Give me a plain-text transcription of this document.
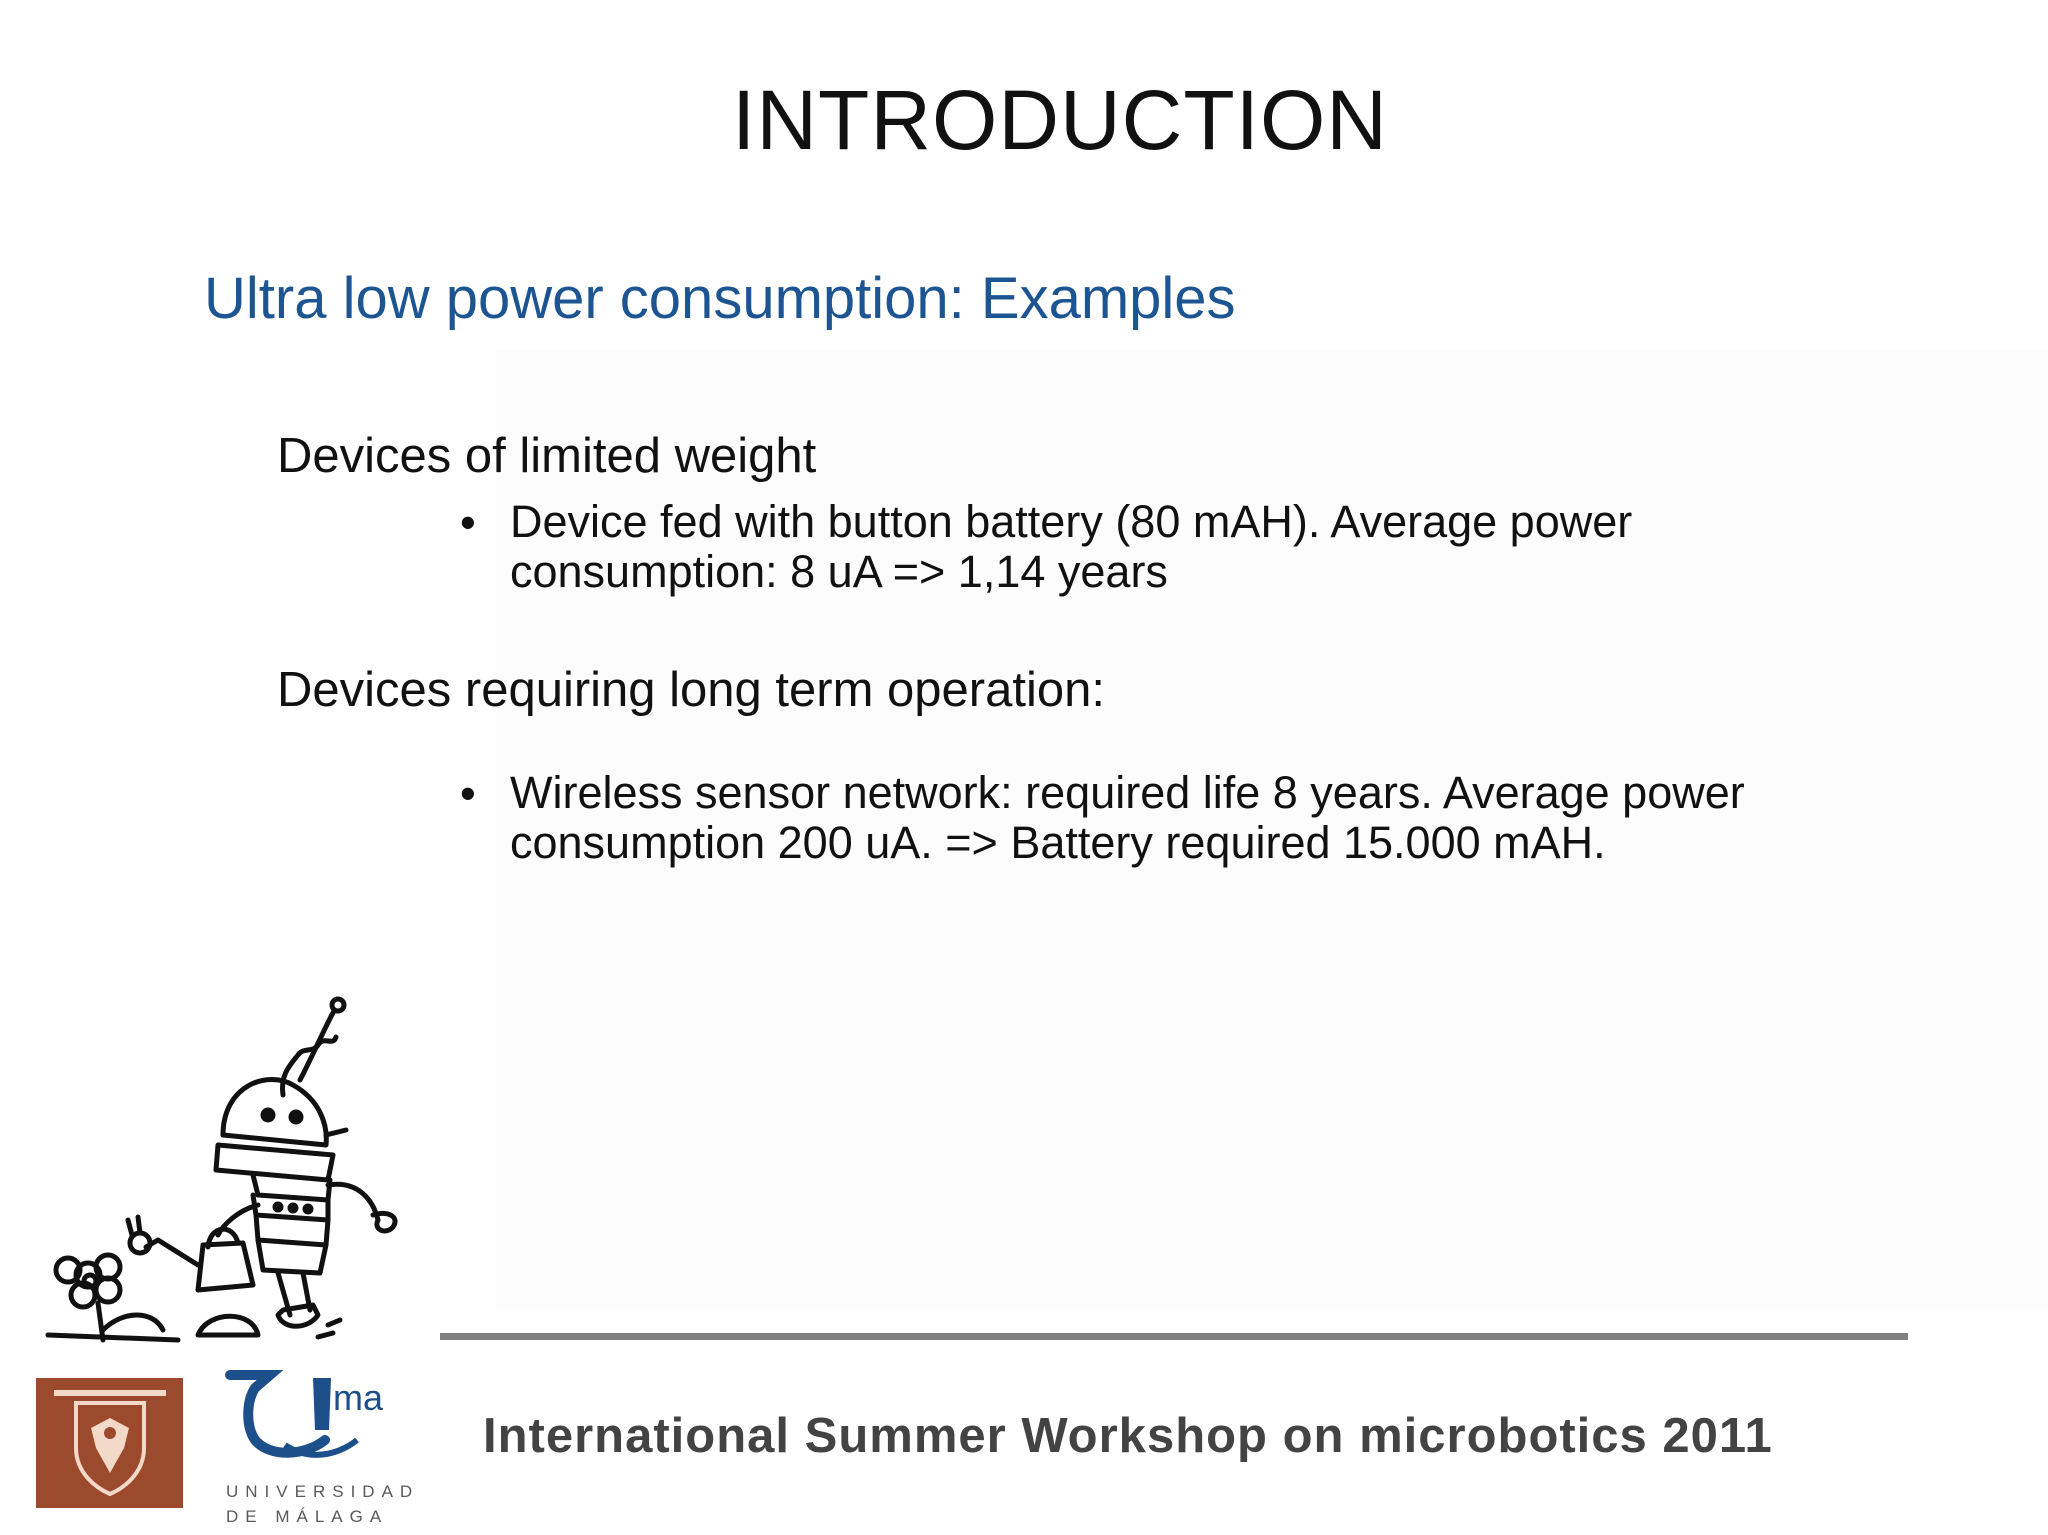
INTRODUCTION
Ultra low power consumption: Examples
Devices of limited weight
• Device fed with button battery (80 mAH). Average power
consumption: 8 uA => 1,14 years
Devices requiring long term operation:
• Wireless sensor network: required life 8 years. Average power
consumption 200 uA. => Battery required 15.000 mAH.
International Summer Workshop on microbotics 2011
ma
UNIVERSIDAD
DE MÁLAGA
